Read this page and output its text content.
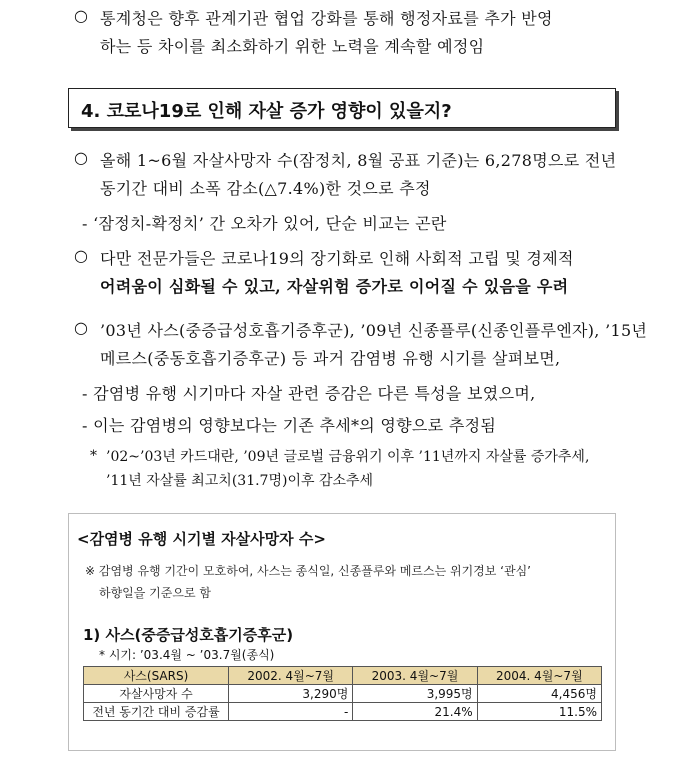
○ 통계청은 향후 관계기관 협업 강화를 통해 행정자료를 추가 반영
하는 등 차이를 최소화하기 위한 노력을 계속할 예정임
4. 코로나19로 인해 자살 증가 영향이 있을지?
○ 올해 1~6월 자살사망자 수(잠정치, 8월 공표 기준)는 6,278명으로 전년
동기간 대비 소폭 감소(△7.4%)한 것으로 추정
- ‘잠정치-확정치’ 간 오차가 있어, 단순 비교는 곤란
○ 다만 전문가들은 코로나19의 장기화로 인해 사회적 고립 및 경제적
어려움이 심화될 수 있고, 자살위험 증가로 이어질 수 있음을 우려
○ ’03년 사스(중증급성호흡기증후군), ’09년 신종플루(신종인플루엔자), ’15년
메르스(중동호흡기증후군) 등 과거 감염병 유행 시기를 살펴보면,
- 감염병 유행 시기마다 자살 관련 증감은 다른 특성을 보였으며,
- 이는 감염병의 영향보다는 기존 추세*의 영향으로 추정됨
* ’02~’03년 카드대란, ’09년 글로벌 금융위기 이후 ’11년까지 자살률 증가추세,
’11년 자살률 최고치(31.7명)이후 감소추세
<감염병 유행 시기별 자살사망자 수>
※ 감염병 유행 기간이 모호하여, 사스는 종식일, 신종플루와 메르스는 위기경보 ‘관심’
하향일을 기준으로 함
1) 사스(중증급성호흡기증후군)
* 시기: ’03.4월 ~ ’03.7월(종식)
사스(SARS)	2002. 4월~7월	2003. 4월~7월	2004. 4월~7월
자살사망자 수	3,290명	3,995명	4,456명
전년 동기간 대비 증감률	-	21.4%	11.5%
